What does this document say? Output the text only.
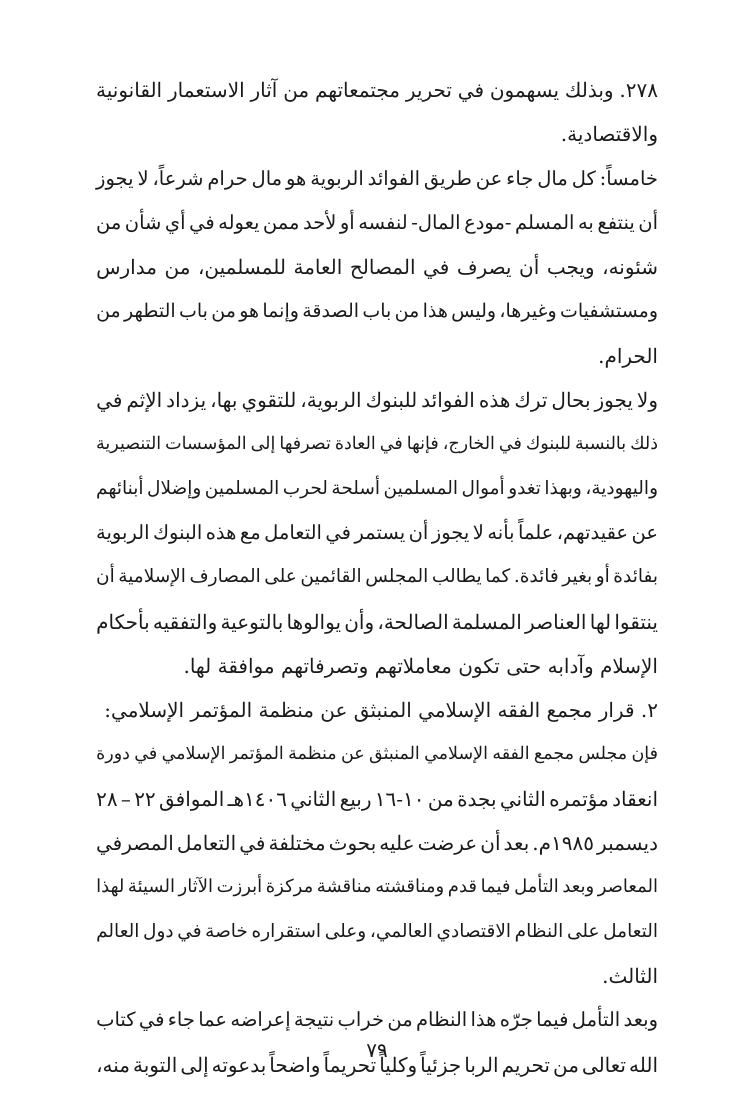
٢٧٨.
وبذلك
يسهمون
في
تحرير
مجتمعاتهم
من
آثار
الاستعمار
القانونية
والاقتصادية.
خامساً:
كل
مال
جاء
عن
طريق
الفوائد
الربوية
هو
مال
حرام
شرعاً،
لا
يجوز
أن
ينتفع
به
المسلم
-مودع
المال-
لنفسه
أو
لأحد
ممن
يعوله
في
أي
شأن
من
شئونه،
ويجب
أن
يصرف
في
المصالح
العامة
للمسلمين،
من
مدارس
ومستشفيات
وغيرها،
وليس
هذا
من
باب
الصدقة
وإنما
هو
من
باب
التطهر
من
الحرام.
ولا
يجوز
بحال
ترك
هذه
الفوائد
للبنوك
الربوية،
للتقوي
بها،
يزداد
الإثم
في
ذلك
بالنسبة
للبنوك
في
الخارج،
فإنها
في
العادة
تصرفها
إلى
المؤسسات
التنصيرية
واليهودية،
وبهذا
تغدو
أموال
المسلمين
أسلحة
لحرب
المسلمين
وإضلال
أبنائهم
عن
عقيدتهم،
علماً
بأنه
لا
يجوز
أن
يستمر
في
التعامل
مع
هذه
البنوك
الربوية
بفائدة
أو
بغير
فائدة.
كما
يطالب
المجلس
القائمين
على
المصارف
الإسلامية
أن
ينتقوا
لها
العناصر
المسلمة
الصالحة،
وأن
يوالوها
بالتوعية
والتفقيه
بأحكام
الإسلام وآدابه حتى تكون معاملاتهم وتصرفاتهم موافقة لها.
٢. قرار مجمع الفقه الإسلامي المنبثق عن منظمة المؤتمر الإسلامي:
فإن
مجلس
مجمع
الفقه
الإسلامي
المنبثق
عن
منظمة
المؤتمر
الإسلامي
في
دورة
انعقاد
مؤتمره
الثاني
بجدة
من
١٠-١٦
ربيع
الثاني
١٤٠٦هـ
الموافق
٢٢
–
٢٨
ديسمبر
١٩٨٥م.
بعد
أن
عرضت
عليه
بحوث
مختلفة
في
التعامل
المصرفي
المعاصر
وبعد
التأمل
فيما
قدم
ومناقشته
مناقشة
مركزة
أبرزت
الآثار
السيئة
لهذا
التعامل
على
النظام
الاقتصادي
العالمي،
وعلى
استقراره
خاصة
في
دول
العالم
الثالث.
وبعد
التأمل
فيما
جرّه
هذا
النظام
من
خراب
نتيجة
إعراضه
عما
جاء
في
كتاب
الله
تعالى
من
تحريم
الربا
جزئياً
وكلياً
تحريماً
واضحاً
بدعوته
إلى
التوبة
منه،
٧٩
